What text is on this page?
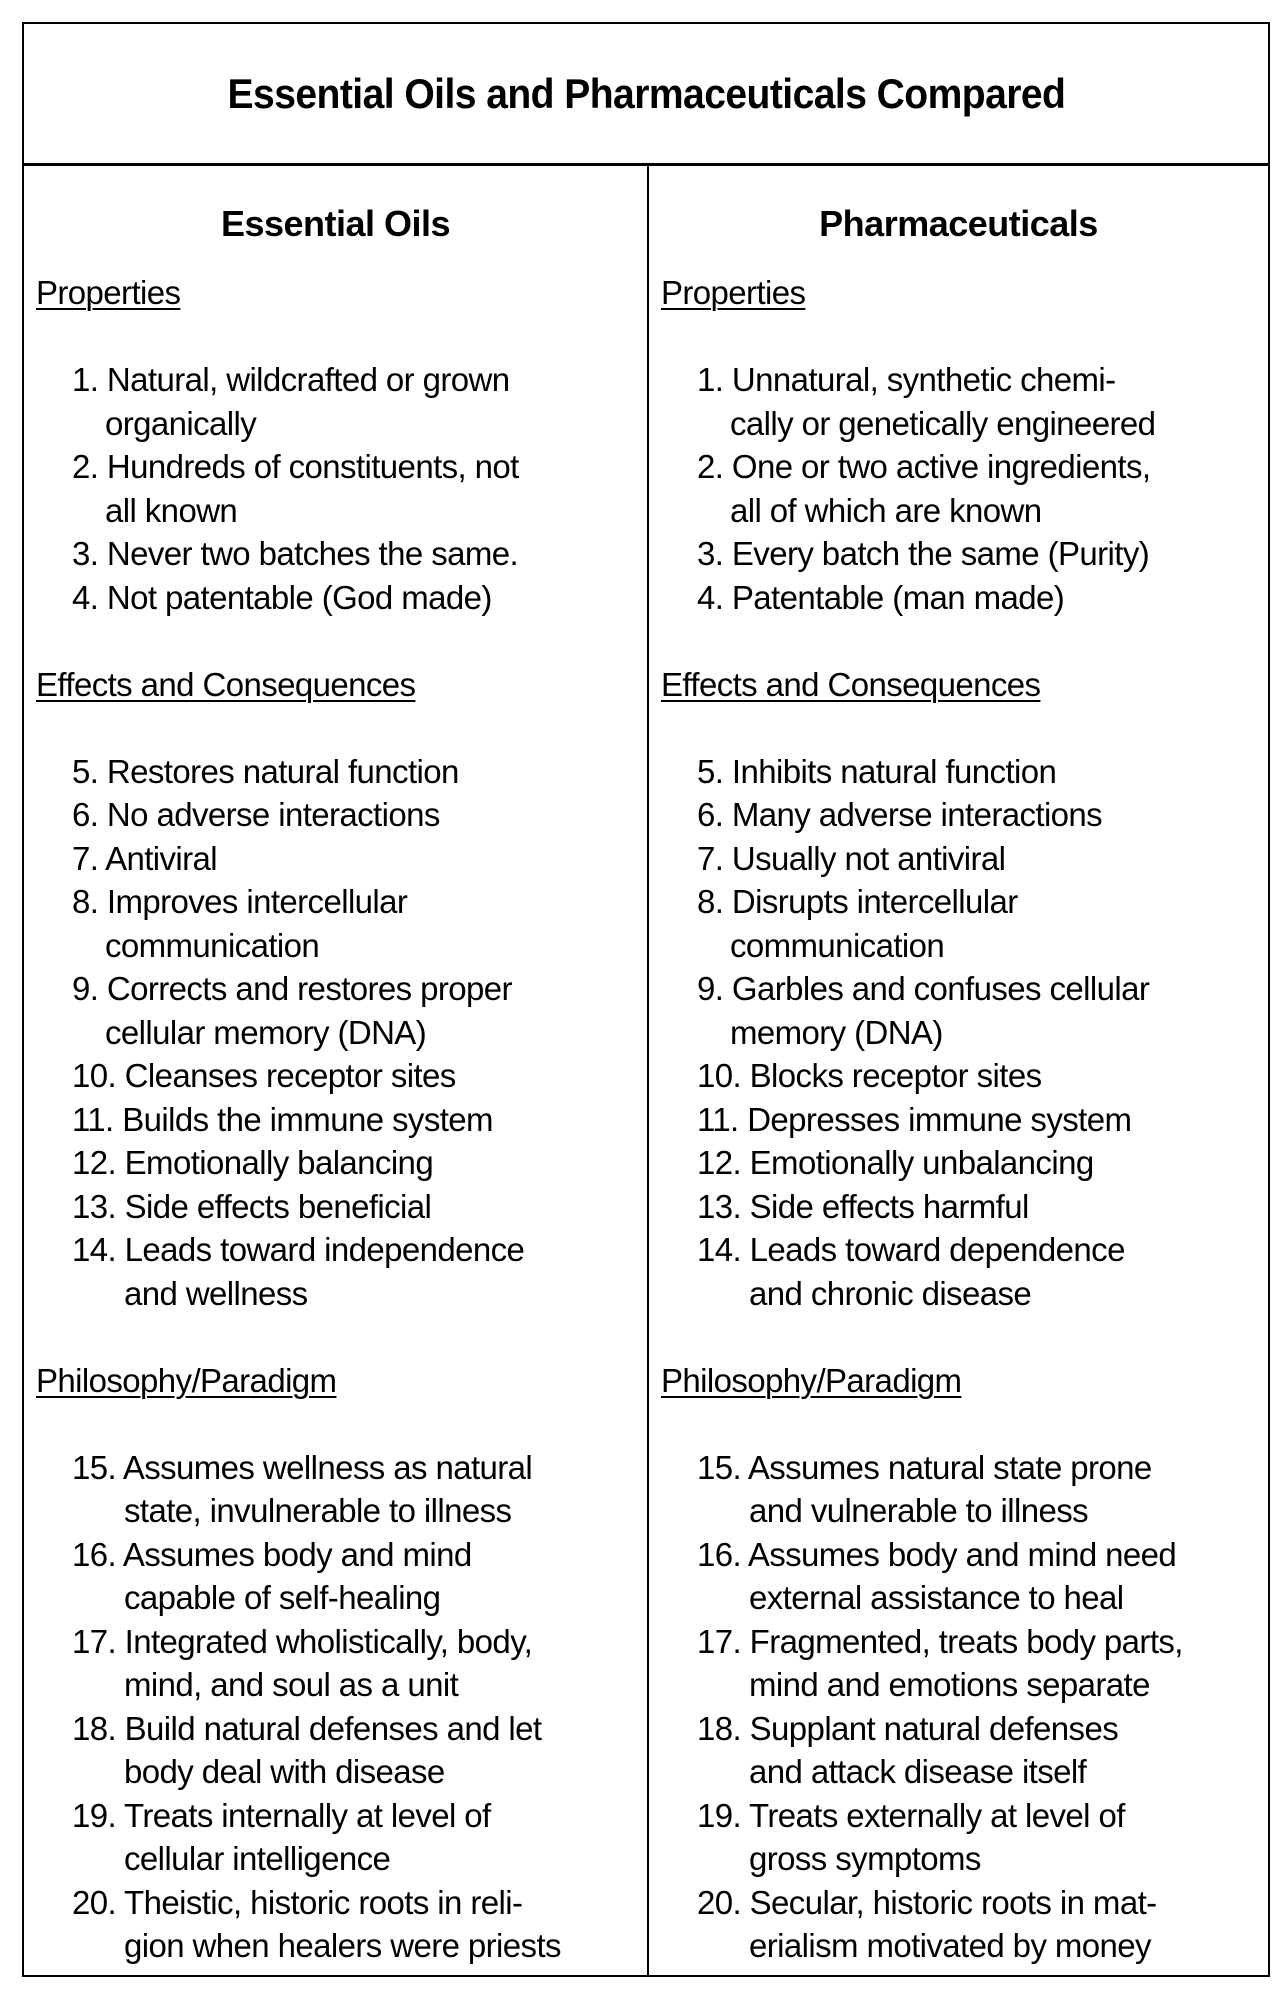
Essential Oils and Pharmaceuticals Compared
Essential Oils
Properties
1. Natural, wildcrafted or grown
organically
2. Hundreds of constituents, not
all known
3. Never two batches the same.
4. Not patentable (God made)
Effects and Consequences
5. Restores natural function
6. No adverse interactions
7. Antiviral
8. Improves intercellular
communication
9. Corrects and restores proper
cellular memory (DNA)
10. Cleanses receptor sites
11. Builds the immune system
12. Emotionally balancing
13. Side effects beneficial
14. Leads toward independence
and wellness
Philosophy/Paradigm
15. Assumes wellness as natural
state, invulnerable to illness
16. Assumes body and mind
capable of self-healing
17. Integrated wholistically, body,
mind, and soul as a unit
18. Build natural defenses and let
body deal with disease
19. Treats internally at level of
cellular intelligence
20. Theistic, historic roots in reli-
gion when healers were priests
Pharmaceuticals
Properties
1. Unnatural, synthetic chemi-
cally or genetically engineered
2. One or two active ingredients,
all of which are known
3. Every batch the same (Purity)
4. Patentable (man made)
Effects and Consequences
5. Inhibits natural function
6. Many adverse interactions
7. Usually not antiviral
8. Disrupts intercellular
communication
9. Garbles and confuses cellular
memory (DNA)
10. Blocks receptor sites
11. Depresses immune system
12. Emotionally unbalancing
13. Side effects harmful
14. Leads toward dependence
and chronic disease
Philosophy/Paradigm
15. Assumes natural state prone
and vulnerable to illness
16. Assumes body and mind need
external assistance to heal
17. Fragmented, treats body parts,
mind and emotions separate
18. Supplant natural defenses
and attack disease itself
19. Treats externally at level of
gross symptoms
20. Secular, historic roots in mat-
erialism motivated by money
